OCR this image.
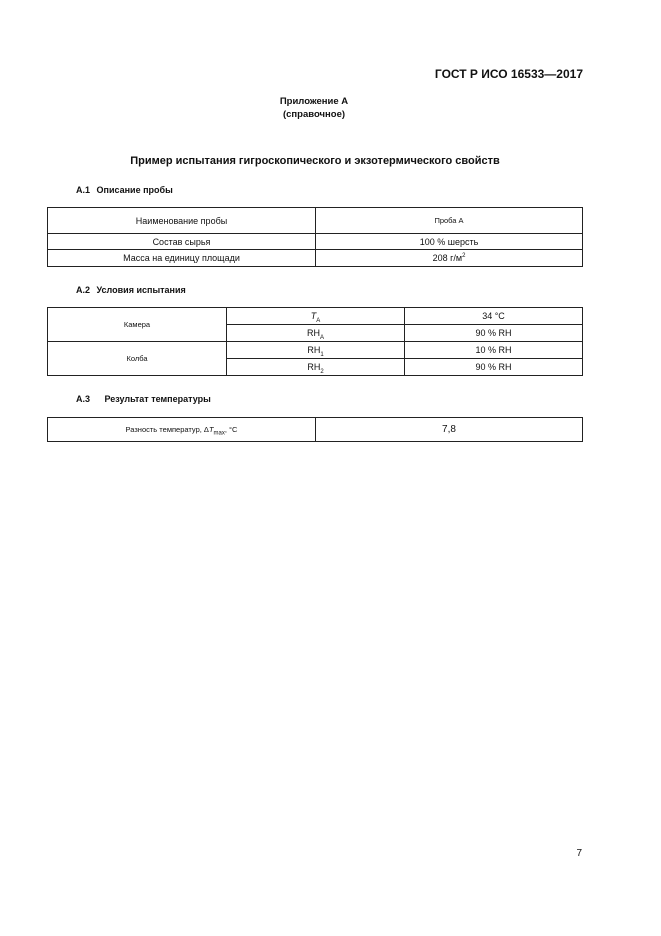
ГОСТ Р ИСО 16533—2017
Приложение А
(справочное)
Пример испытания гигроскопического и экзотермического свойств
А.1 Описание пробы
Наименование пробы	Проба А
Состав сырья	100 % шерсть
Масса на единицу площади	208 $г/м^2$
А.2 Условия испытания
Камера	$T_A$	34 °С
	$RH_A$	90 % RH
Колба	$RH_1$	10 % RH
	$RH_2$	90 % RH
А.3 Результат температуры
Разность температур, $\Delta T_{max}$, °С	7,8
7
